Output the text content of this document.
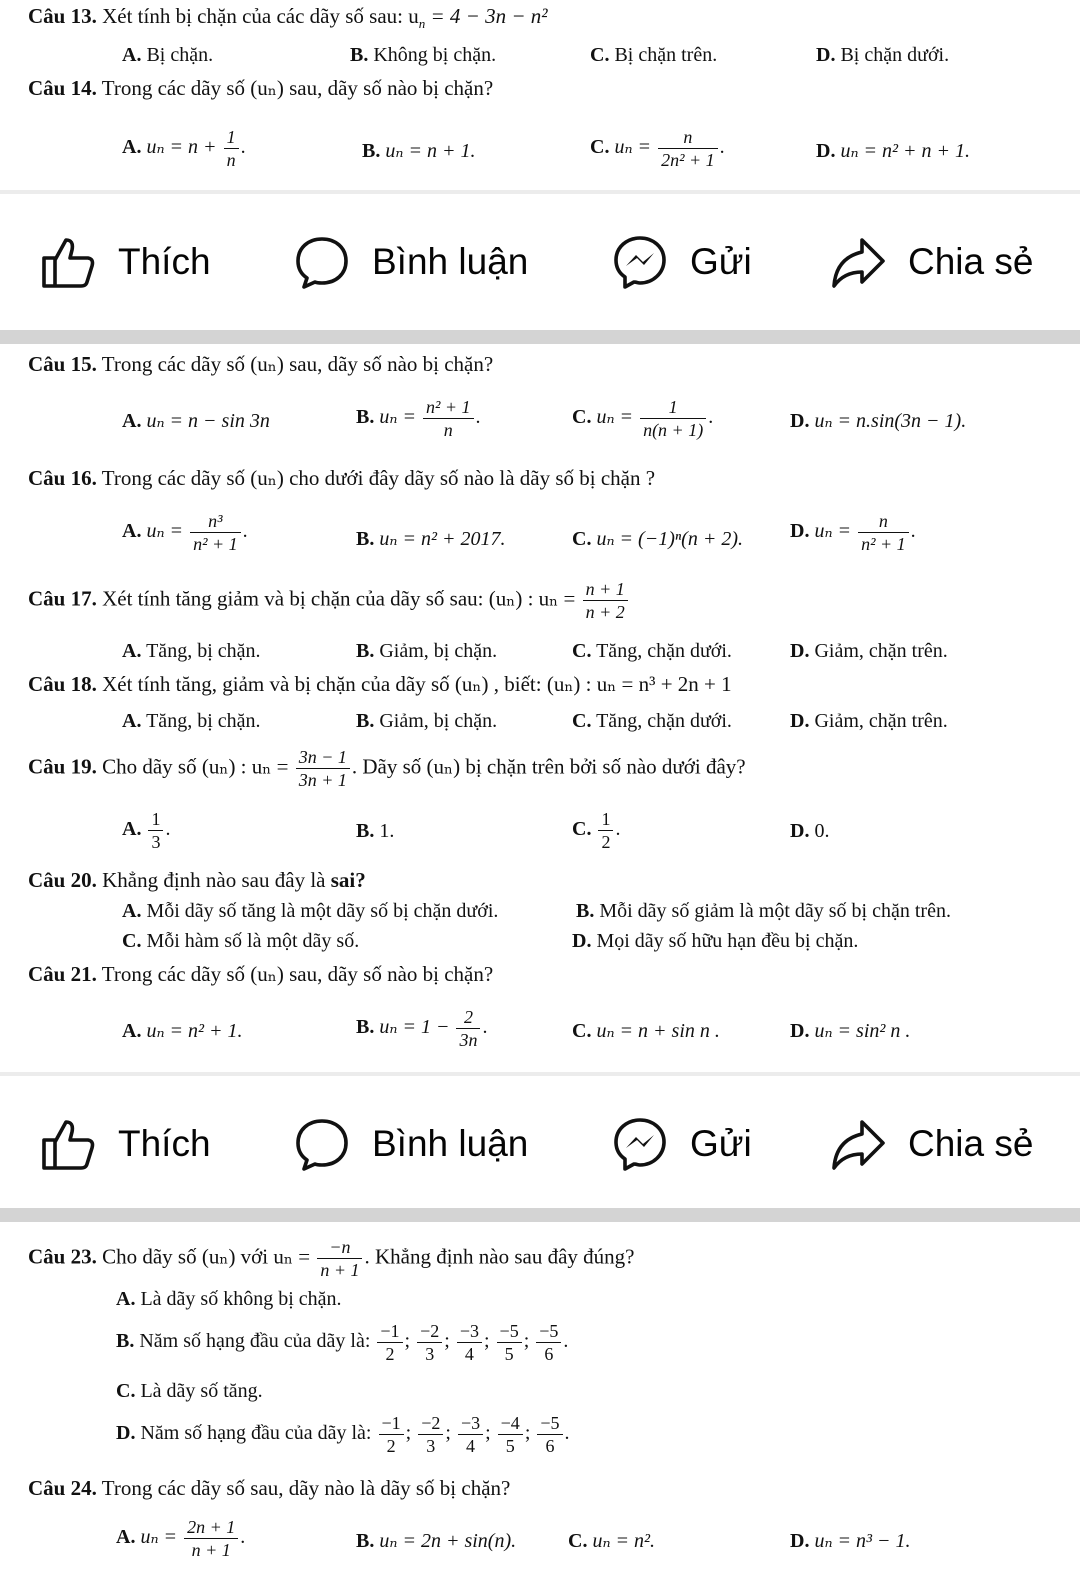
Câu 13. Xét tính bị chặn của các dãy số sau: $u_n = 4 - 3n - n^2$
A. Bị chặn.	B. Không bị chặn.	C. Bị chặn trên.	D. Bị chặn dưới.
Câu 14. Trong các dãy số (uₙ) sau, dãy số nào bị chặn?
A. $u_n = n + \frac{1}{n}$ .	B. uₙ = n + 1.	C. $u_n = \frac{n}{\text{2n² + 1}}$ .	D. uₙ = n² + n + 1.
Thích	Bình luận	Gửi	Chia sẻ
Câu 15. Trong các dãy số (uₙ) sau, dãy số nào bị chặn?
A. uₙ = n − sin 3n	B. $u_n = \frac{\text{n² + 1}}{n}$ .	C. $u_n = \frac{1}{n(n + 1)}$ .	D. uₙ = n.sin(3n − 1).
Câu 16. Trong các dãy số (uₙ) cho dưới đây dãy số nào là dãy số bị chặn ?
A. $u_n = \frac{\text{n³}}{\text{n² + 1}}$ .	B. uₙ = n² + 2017.	C. uₙ = (−1)ⁿ(n + 2). D. $u_n = \frac{n}{\text{n² + 1}}$ .
Câu 17. Xét tính tăng giảm và bị chặn của dãy số sau: (uₙ) : $u_n = \frac{n + 1}{n + 2}$
A. Tăng, bị chặn.	B. Giảm, bị chặn.	C. Tăng, chặn dưới.	D. Giảm, chặn trên.
Câu 18. Xét tính tăng, giảm và bị chặn của dãy số (uₙ) , biết: (uₙ) : uₙ = n³ + 2n + 1
A. Tăng, bị chặn.	B. Giảm, bị chặn.	C. Tăng, chặn dưới.	D. Giảm, chặn trên.
Câu 19. Cho dãy số (uₙ) : $u_n = \frac{3n - 1}{3n + 1}$ . Dãy số (uₙ) bị chặn trên bởi số nào dưới đây?
A. $\frac{1}{3}$ .	B. 1.	C. $\frac{1}{2}$ .	D. 0.
Câu 20. Khẳng định nào sau đây là sai?
A. Mỗi dãy số tăng là một dãy số bị chặn dưới.	B. Mỗi dãy số giảm là một dãy số bị chặn trên.
C. Mỗi hàm số là một dãy số.	D. Mọi dãy số hữu hạn đều bị chặn.
Câu 21. Trong các dãy số (uₙ) sau, dãy số nào bị chặn?
A. uₙ = n² + 1.	B. $u_n = 1 - \frac{2}{3n}$ .	C. uₙ = n + sin n .	D. uₙ = sin² n .
Thích	Bình luận	Gửi	Chia sẻ
Câu 23. Cho dãy số (uₙ) với $u_n = \frac{-n}{n + 1}$ . Khẳng định nào sau đây đúng?
A. Là dãy số không bị chặn.
B. Năm số hạng đầu của dãy là: $\frac{-1}{2}$ ; $\frac{-2}{3}$ ; $\frac{-3}{4}$ ; $\frac{-5}{5}$ ; $\frac{-5}{6}$ .
C. Là dãy số tăng.
D. Năm số hạng đầu của dãy là: $\frac{-1}{2}$ ; $\frac{-2}{3}$ ; $\frac{-3}{4}$ ; $\frac{-4}{5}$ ; $\frac{-5}{6}$ .
Câu 24. Trong các dãy số sau, dãy nào là dãy số bị chặn?
A. $u_n = \frac{2n + 1}{n + 1}$ .	B. uₙ = 2n + sin(n).	C. uₙ = n².	D. uₙ = n³ − 1.
